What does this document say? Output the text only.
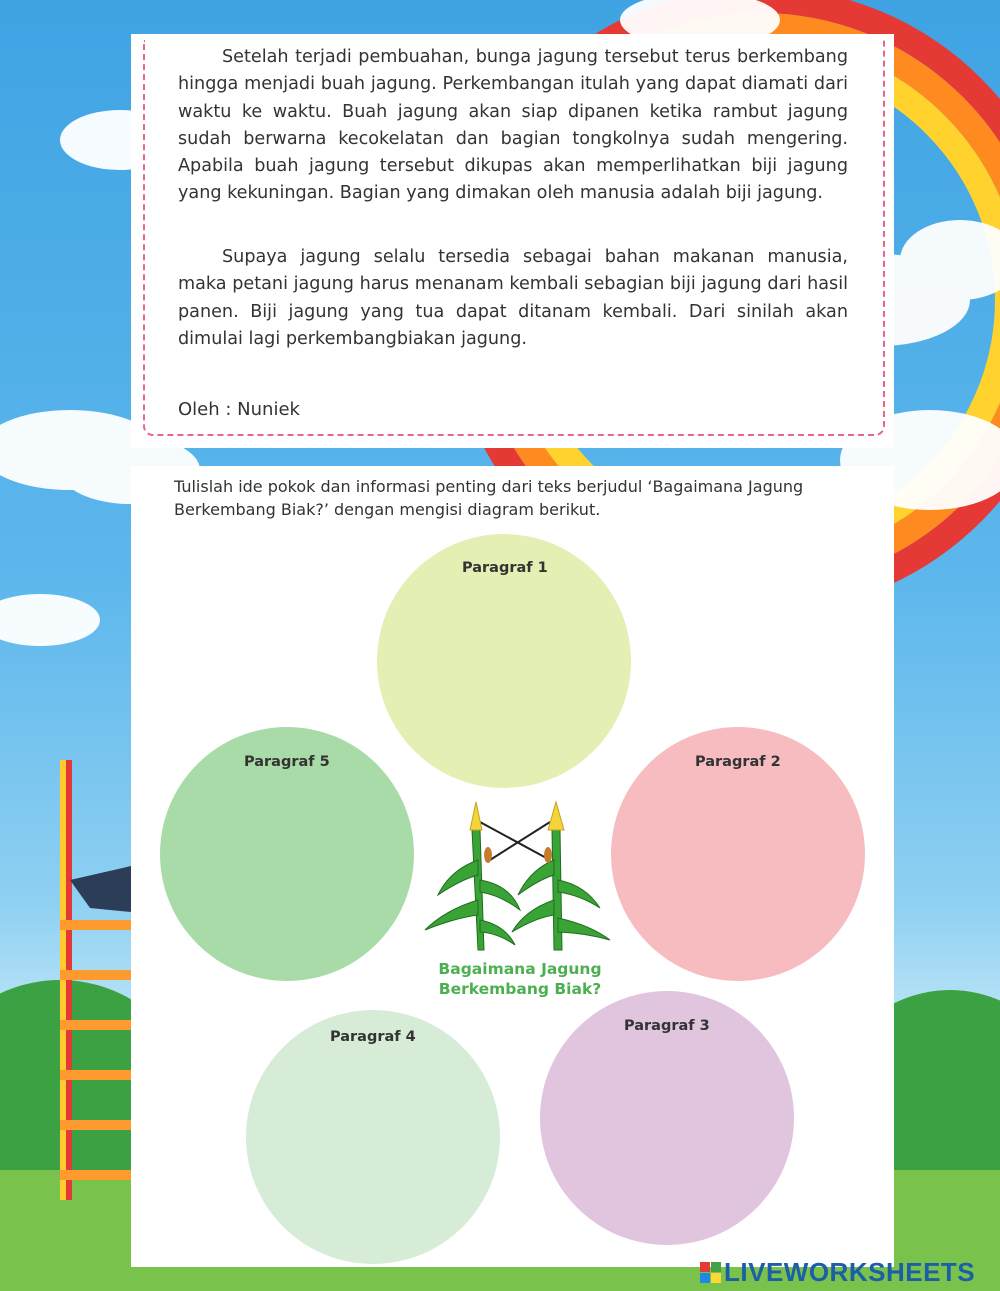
Setelah terjadi pembuahan, bunga jagung tersebut terus berkembang hingga menjadi buah jagung. Perkembangan itulah yang dapat diamati dari waktu ke waktu. Buah jagung akan siap dipanen ketika rambut jagung sudah berwarna kecokelatan dan bagian tongkolnya sudah mengering. Apabila buah jagung tersebut dikupas akan memperlihatkan biji jagung yang kekuningan. Bagian yang dimakan oleh manusia adalah biji jagung.

Supaya jagung selalu tersedia sebagai bahan makanan manusia, maka petani jagung harus menanam kembali sebagian biji jagung dari hasil panen. Biji jagung yang tua dapat ditanam kembali. Dari sinilah akan dimulai lagi perkembangbiakan jagung.

Oleh : Nuniek

Tulislah ide pokok dan informasi penting dari teks berjudul ‘Bagaimana Jagung Berkembang Biak?’ dengan mengisi diagram berikut.

Paragraf 1
Paragraf 2
Paragraf 3
Paragraf 4
Paragraf 5
Bagaimana Jagung
Berkembang Biak?
LIVEWORKSHEETS
